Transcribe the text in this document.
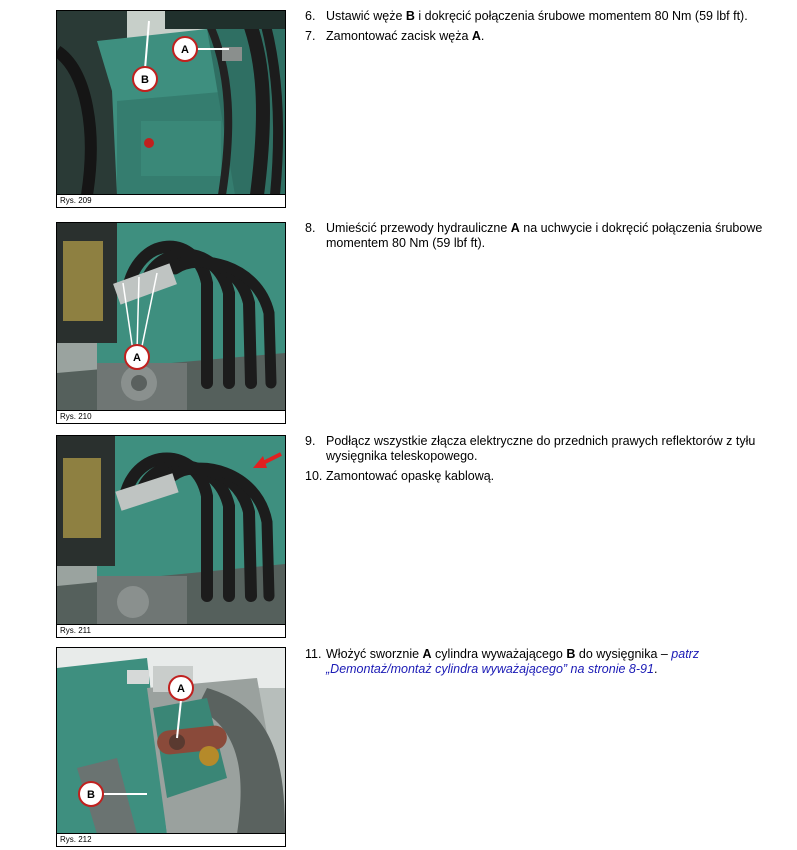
A
B
Rys. 209
A
Rys. 210
Rys. 211
A
B
Rys. 212
6. Ustawić węże B i dokręcić połączenia śrubowe momentem 80 Nm (59 lbf ft).
7. Zamontować zacisk węża A.
8. Umieścić przewody hydrauliczne A na uchwycie i dokręcić połączenia śrubowe momentem 80 Nm (59 lbf ft).
9. Podłącz wszystkie złącza elektryczne do przednich prawych reflektorów z tyłu wysięgnika teleskopowego.
10. Zamontować opaskę kablową.
11. Włożyć sworznie A cylindra wyważającego B do wysięgnika – patrz „Demontaż/montaż cylindra wyważającego” na stronie 8-91.
